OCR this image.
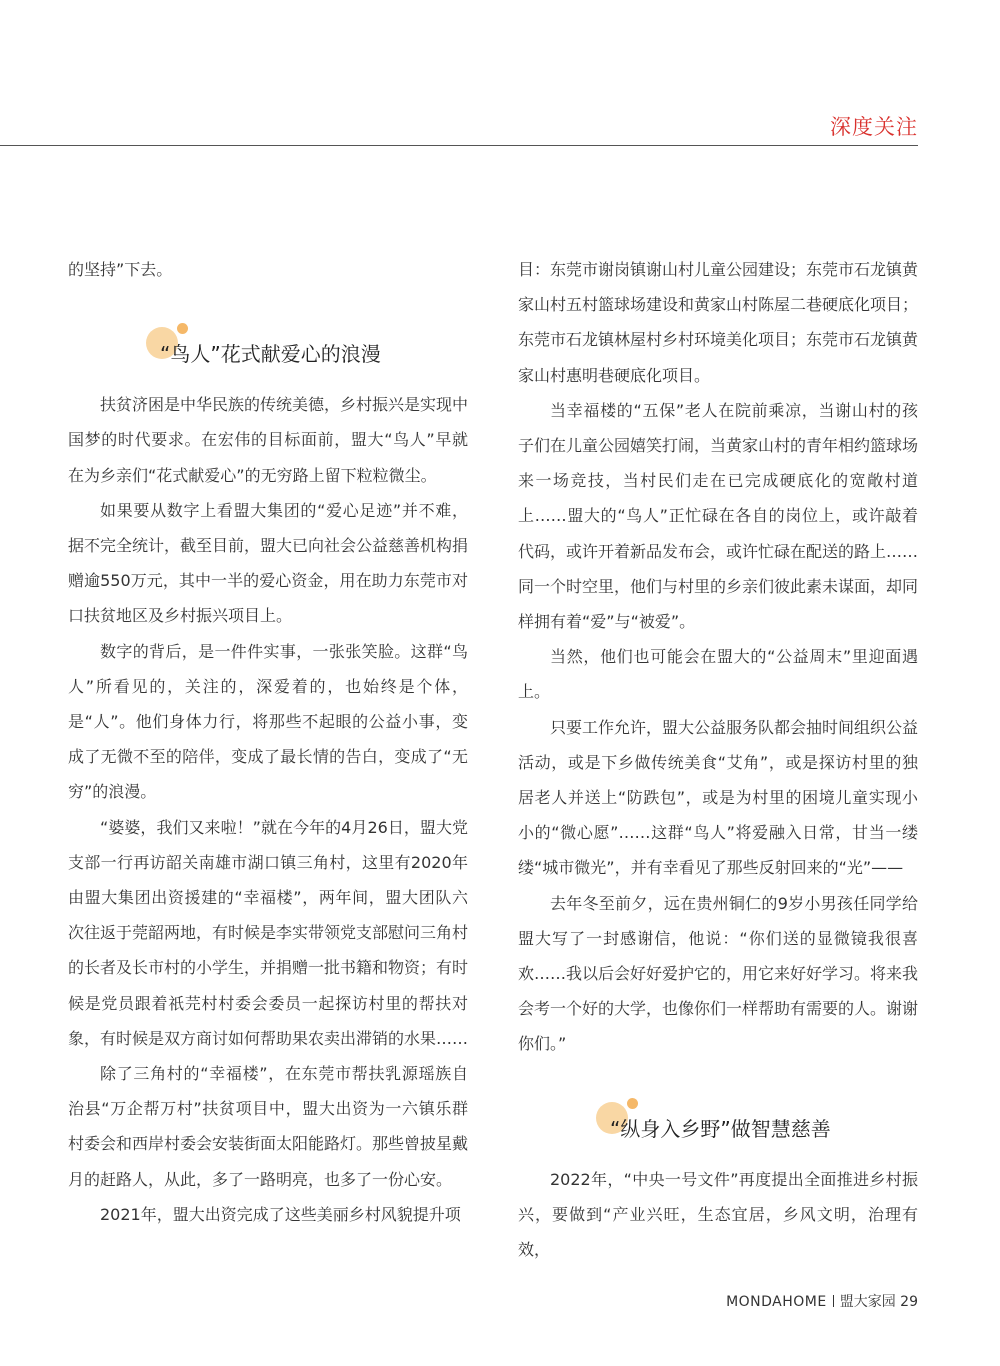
深度关注

的坚持”下去。

“鸟人”花式献爱心的浪漫

扶贫济困是中华民族的传统美德，乡村振兴是实现中国梦的时代要求。在宏伟的目标面前，盟大“鸟人”早就在为乡亲们“花式献爱心”的无穷路上留下粒粒微尘。

如果要从数字上看盟大集团的“爱心足迹”并不难，据不完全统计，截至目前，盟大已向社会公益慈善机构捐赠逾550万元，其中一半的爱心资金，用在助力东莞市对口扶贫地区及乡村振兴项目上。

数字的背后，是一件件实事，一张张笑脸。这群“鸟人”所看见的，关注的，深爱着的，也始终是个体，是“人”。他们身体力行，将那些不起眼的公益小事，变成了无微不至的陪伴，变成了最长情的告白，变成了“无穷”的浪漫。

“婆婆，我们又来啦！”就在今年的4月26日，盟大党支部一行再访韶关南雄市湖口镇三角村，这里有2020年由盟大集团出资援建的“幸福楼”，两年间，盟大团队六次往返于莞韶两地，有时候是李实带领党支部慰问三角村的长者及长市村的小学生，并捐赠一批书籍和物资；有时候是党员跟着祇芫村村委会委员一起探访村里的帮扶对象，有时候是双方商讨如何帮助果农卖出滞销的水果……

除了三角村的“幸福楼”，在东莞市帮扶乳源瑶族自治县“万企帮万村”扶贫项目中，盟大出资为一六镇乐群村委会和西岸村委会安装街面太阳能路灯。那些曾披星戴月的赶路人，从此，多了一路明亮，也多了一份心安。

2021年，盟大出资完成了这些美丽乡村风貌提升项

目：东莞市谢岗镇谢山村儿童公园建设；东莞市石龙镇黄家山村五村篮球场建设和黄家山村陈屋二巷硬底化项目；东莞市石龙镇林屋村乡村环境美化项目；东莞市石龙镇黄家山村惠明巷硬底化项目。

当幸福楼的“五保”老人在院前乘凉，当谢山村的孩子们在儿童公园嬉笑打闹，当黄家山村的青年相约篮球场来一场竞技，当村民们走在已完成硬底化的宽敞村道上……盟大的“鸟人”正忙碌在各自的岗位上，或许敲着代码，或许开着新品发布会，或许忙碌在配送的路上……同一个时空里，他们与村里的乡亲们彼此素未谋面，却同样拥有着“爱”与“被爱”。

当然，他们也可能会在盟大的“公益周末”里迎面遇上。

只要工作允许，盟大公益服务队都会抽时间组织公益活动，或是下乡做传统美食“艾角”，或是探访村里的独居老人并送上“防跌包”，或是为村里的困境儿童实现小小的“微心愿”……这群“鸟人”将爱融入日常，甘当一缕缕“城市微光”，并有幸看见了那些反射回来的“光”——

去年冬至前夕，远在贵州铜仁的9岁小男孩任同学给盟大写了一封感谢信，他说：“你们送的显微镜我很喜欢……我以后会好好爱护它的，用它来好好学习。将来我会考一个好的大学，也像你们一样帮助有需要的人。谢谢你们。”

“纵身入乡野”做智慧慈善

2022年，“中央一号文件”再度提出全面推进乡村振兴，要做到“产业兴旺，生态宜居，乡风文明，治理有效，

MONDAHOME 盟大家园 29
